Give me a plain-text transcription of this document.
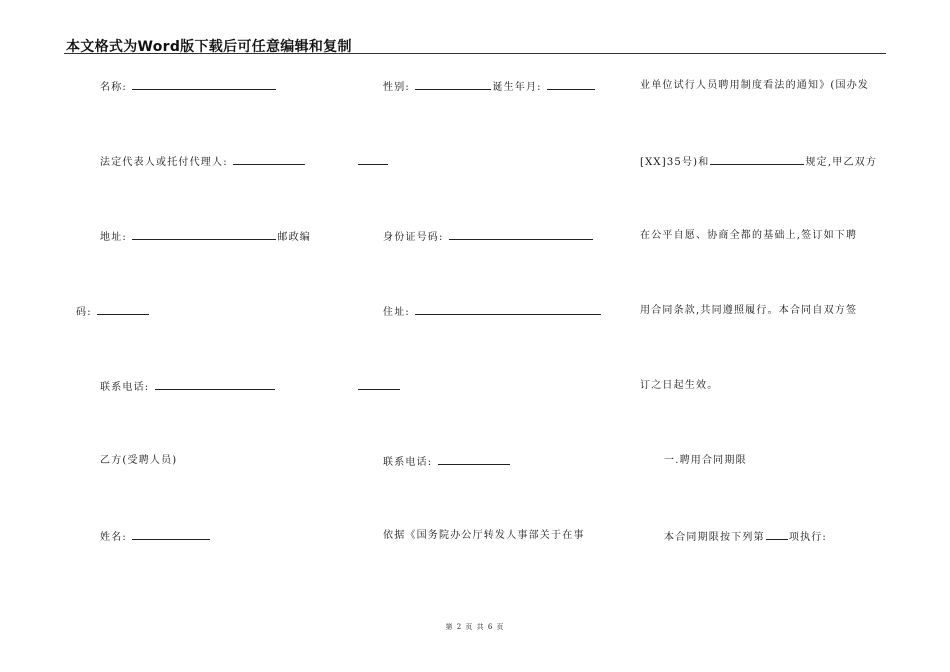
本文格式为Word版下载后可任意编辑和复制
名称:
法定代表人或托付代理人:
地址:	邮政编
码:
联系电话:
乙方(受聘人员)
姓名:
性别:	诞生年月:
身份证号码:
住址:
联系电话:
依据《国务院办公厅转发人事部关于在事
业单位试行人员聘用制度看法的通知》(国办发
[XX]35号)和	规定,甲乙双方
在公平自愿、协商全都的基础上,签订如下聘
用合同条款,共同遵照履行。本合同自双方签
订之日起生效。
一.聘用合同期限
本合同期限按下列第 项执行:
第 2 页 共 6 页
